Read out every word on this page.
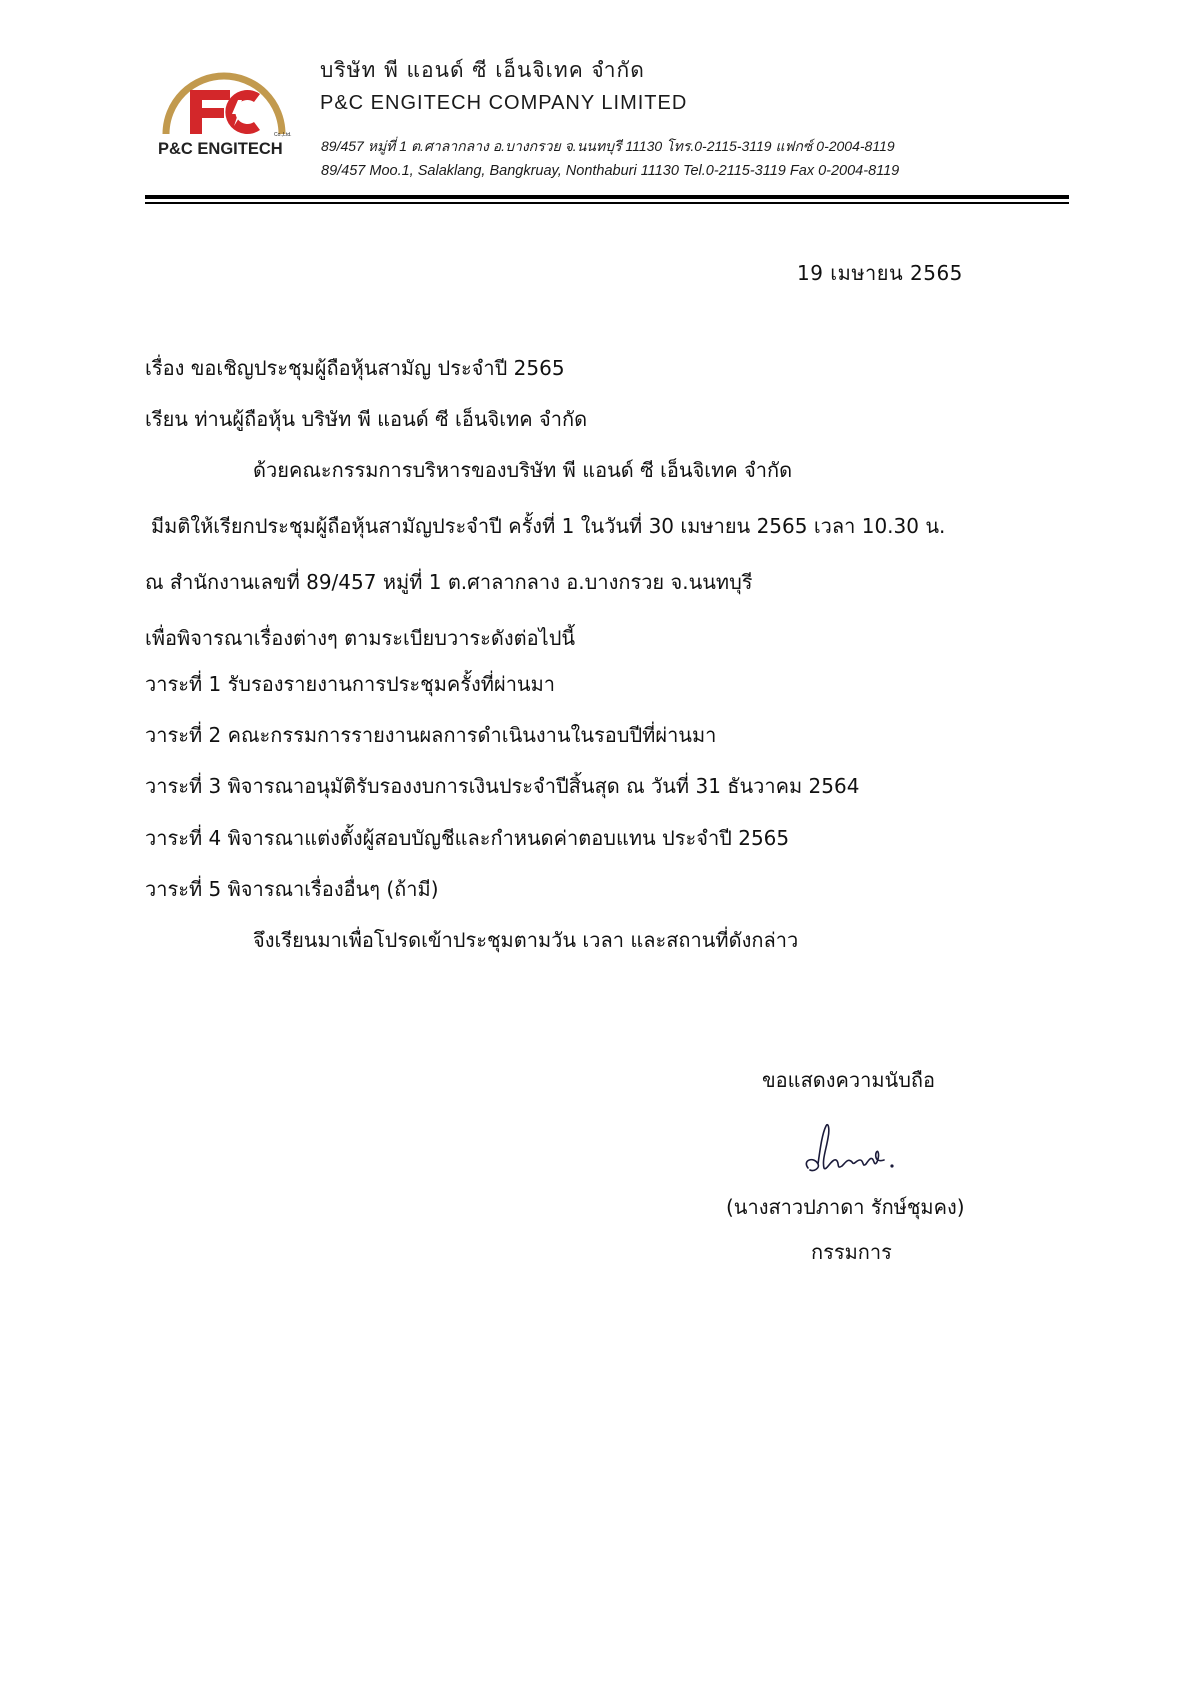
Co.,Ltd.
P&C ENGITECH
บริษัท พี แอนด์ ซี เอ็นจิเทค จำกัด
P&C ENGITECH COMPANY LIMITED
89/457 หมู่ที่ 1 ต.ศาลากลาง อ.บางกรวย จ.นนทบุรี 11130 โทร.0-2115-3119 แฟกซ์ 0-2004-8119
89/457 Moo.1, Salaklang, Bangkruay, Nonthaburi 11130 Tel.0-2115-3119 Fax 0-2004-8119
19 เมษายน 2565
เรื่อง ขอเชิญประชุมผู้ถือหุ้นสามัญ ประจำปี 2565
เรียน ท่านผู้ถือหุ้น บริษัท พี แอนด์ ซี เอ็นจิเทค จำกัด
ด้วยคณะกรรมการบริหารของบริษัท พี แอนด์ ซี เอ็นจิเทค จำกัด
มีมติให้เรียกประชุมผู้ถือหุ้นสามัญประจำปี ครั้งที่ 1 ในวันที่ 30 เมษายน 2565 เวลา 10.30 น.
ณ สำนักงานเลขที่ 89/457 หมู่ที่ 1 ต.ศาลากลาง อ.บางกรวย จ.นนทบุรี
เพื่อพิจารณาเรื่องต่างๆ ตามระเบียบวาระดังต่อไปนี้
วาระที่ 1 รับรองรายงานการประชุมครั้งที่ผ่านมา
วาระที่ 2 คณะกรรมการรายงานผลการดำเนินงานในรอบปีที่ผ่านมา
วาระที่ 3 พิจารณาอนุมัติรับรองงบการเงินประจำปีสิ้นสุด ณ วันที่ 31 ธันวาคม 2564
วาระที่ 4 พิจารณาแต่งตั้งผู้สอบบัญชีและกำหนดค่าตอบแทน ประจำปี 2565
วาระที่ 5 พิจารณาเรื่องอื่นๆ (ถ้ามี)
จึงเรียนมาเพื่อโปรดเข้าประชุมตามวัน เวลา และสถานที่ดังกล่าว
ขอแสดงความนับถือ
(นางสาวปภาดา รักษ์ชุมคง)
กรรมการ
